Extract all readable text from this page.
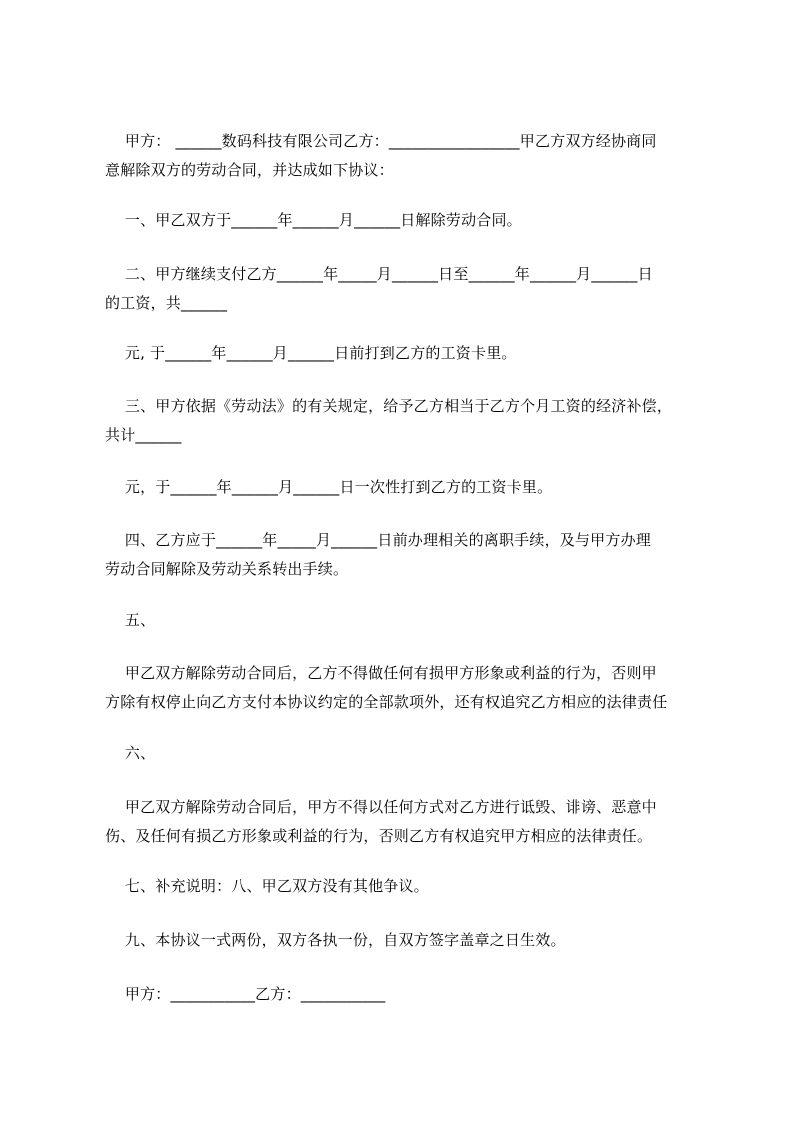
甲方： ______数码科技有限公司乙方：_________________甲乙方双方经协商同
意解除双方的劳动合同，并达成如下协议：

一、甲乙双方于______年______月______日解除劳动合同。

二、甲方继续支付乙方______年_____月______日至______年______月______日
的工资，共______

元, 于______年______月______日前打到乙方的工资卡里。

三、甲方依据《劳动法》的有关规定，给予乙方相当于乙方个月工资的经济补偿，
共计______

元，于______年______月______日一次性打到乙方的工资卡里。

四、乙方应于______年_____月______日前办理相关的离职手续，及与甲方办理
劳动合同解除及劳动关系转出手续。

五、

甲乙双方解除劳动合同后，乙方不得做任何有损甲方形象或利益的行为，否则甲
方除有权停止向乙方支付本协议约定的全部款项外，还有权追究乙方相应的法律责任

六、

甲乙双方解除劳动合同后，甲方不得以任何方式对乙方进行诋毁、诽谤、恶意中
伤、及任何有损乙方形象或利益的行为，否则乙方有权追究甲方相应的法律责任。

七、补充说明：八、甲乙双方没有其他争议。

九、本协议一式两份，双方各执一份，自双方签字盖章之日生效。

甲方：___________乙方：___________
